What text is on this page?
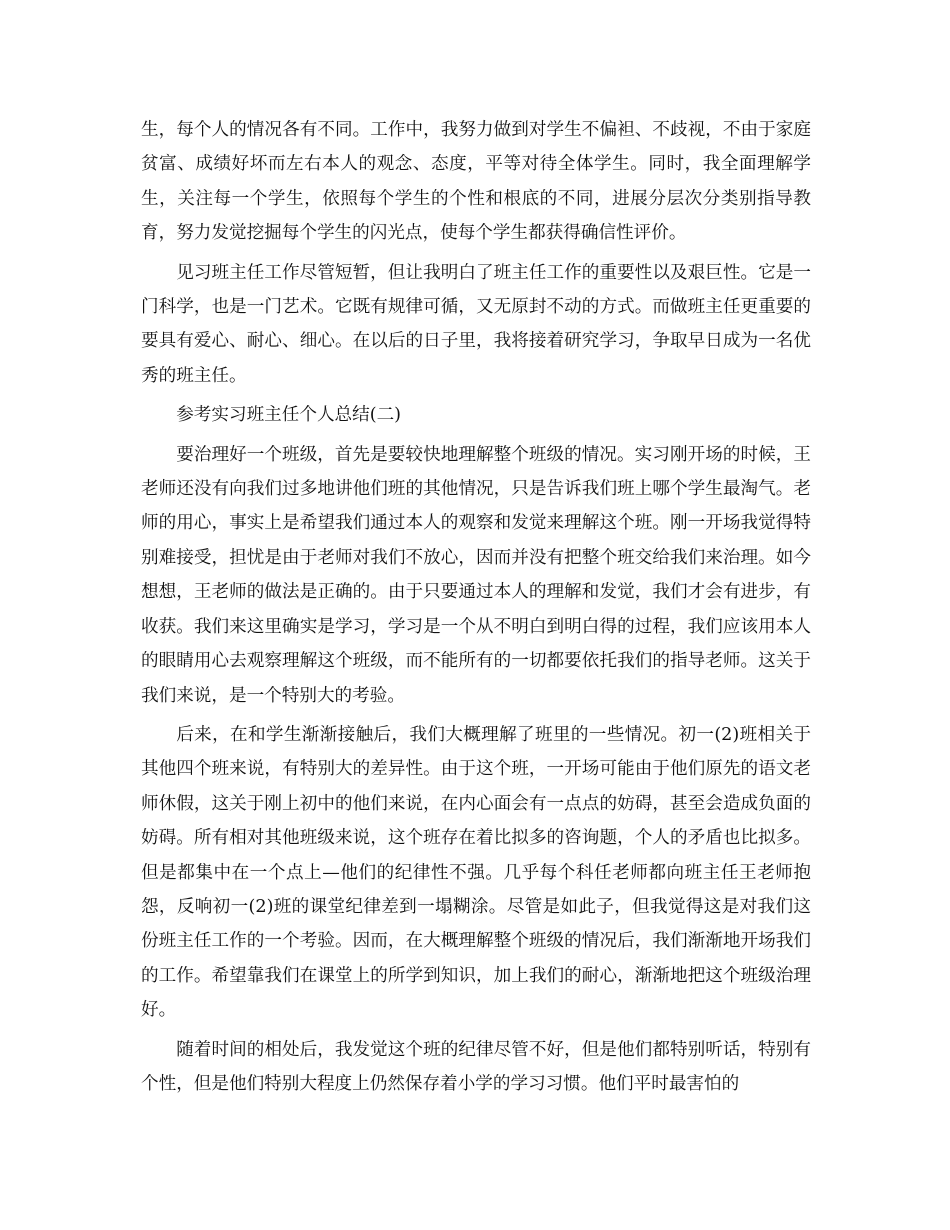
生，每个人的情况各有不同。工作中，我努力做到对学生不偏袒、不歧视，不由于家庭贫富、成绩好坏而左右本人的观念、态度，平等对待全体学生。同时，我全面理解学生，关注每一个学生，依照每个学生的个性和根底的不同，进展分层次分类别指导教育，努力发觉挖掘每个学生的闪光点，使每个学生都获得确信性评价。

见习班主任工作尽管短暂，但让我明白了班主任工作的重要性以及艰巨性。它是一门科学，也是一门艺术。它既有规律可循，又无原封不动的方式。而做班主任更重要的要具有爱心、耐心、细心。在以后的日子里，我将接着研究学习，争取早日成为一名优秀的班主任。

参考实习班主任个人总结(二)

要治理好一个班级，首先是要较快地理解整个班级的情况。实习刚开场的时候，王老师还没有向我们过多地讲他们班的其他情况，只是告诉我们班上哪个学生最淘气。老师的用心，事实上是希望我们通过本人的观察和发觉来理解这个班。刚一开场我觉得特别难接受，担忧是由于老师对我们不放心，因而并没有把整个班交给我们来治理。如今想想，王老师的做法是正确的。由于只要通过本人的理解和发觉，我们才会有进步，有收获。我们来这里确实是学习，学习是一个从不明白到明白得的过程，我们应该用本人的眼睛用心去观察理解这个班级，而不能所有的一切都要依托我们的指导老师。这关于我们来说，是一个特别大的考验。

后来，在和学生渐渐接触后，我们大概理解了班里的一些情况。初一(2)班相关于其他四个班来说，有特别大的差异性。由于这个班，一开场可能由于他们原先的语文老师休假，这关于刚上初中的他们来说，在内心面会有一点点的妨碍，甚至会造成负面的妨碍。所有相对其他班级来说，这个班存在着比拟多的咨询题，个人的矛盾也比拟多。但是都集中在一个点上—他们的纪律性不强。几乎每个科任老师都向班主任王老师抱怨，反响初一(2)班的课堂纪律差到一塌糊涂。尽管是如此子，但我觉得这是对我们这份班主任工作的一个考验。因而，在大概理解整个班级的情况后，我们渐渐地开场我们的工作。希望靠我们在课堂上的所学到知识，加上我们的耐心，渐渐地把这个班级治理好。

随着时间的相处后，我发觉这个班的纪律尽管不好，但是他们都特别听话，特别有个性，但是他们特别大程度上仍然保存着小学的学习习惯。他们平时最害怕的
